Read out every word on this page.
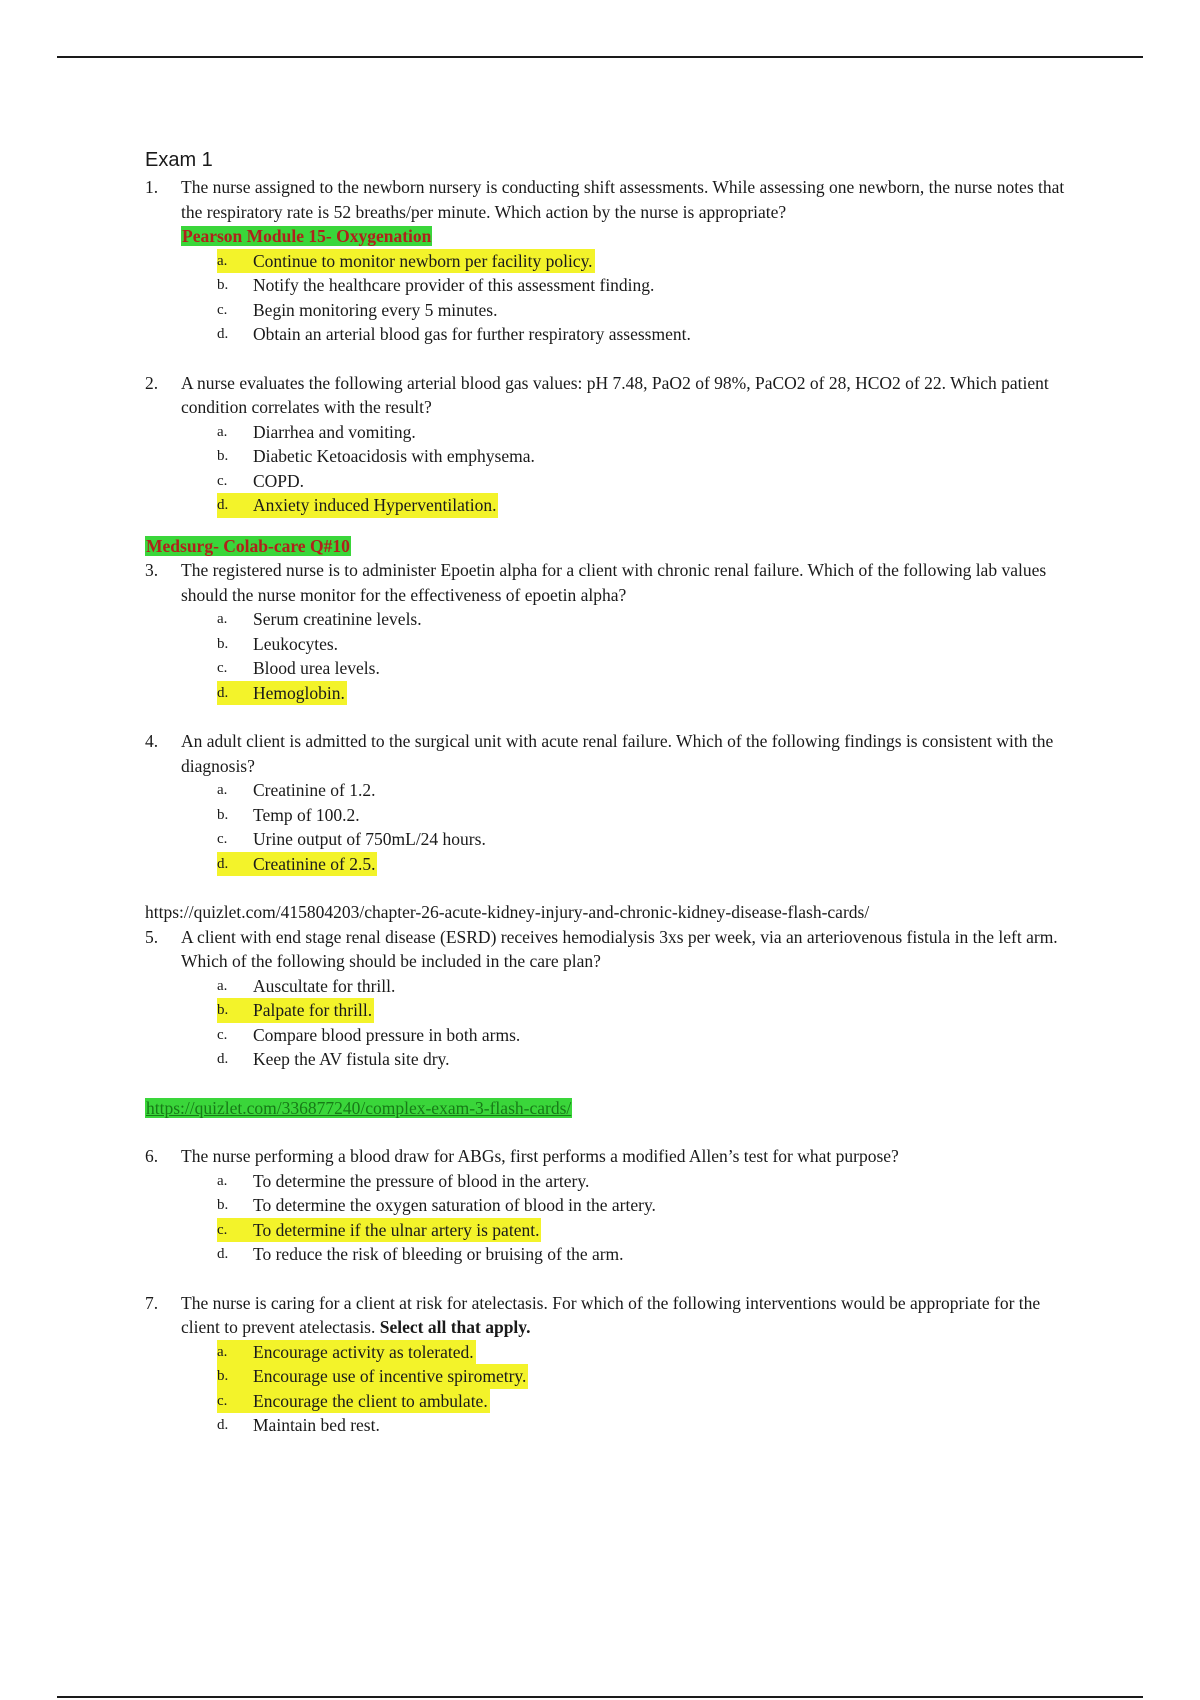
Exam 1
1.	The nurse assigned to the newborn nursery is conducting shift assessments. While assessing one newborn, the nurse notes that the respiratory rate is 52 breaths/per minute. Which action by the nurse is appropriate?
Pearson Module 15- Oxygenation
a.	Continue to monitor newborn per facility policy.
b.	Notify the healthcare provider of this assessment finding.
c.	Begin monitoring every 5 minutes.
d.	Obtain an arterial blood gas for further respiratory assessment.
2.	A nurse evaluates the following arterial blood gas values: pH 7.48, PaO2 of 98%, PaCO2 of 28, HCO2 of 22. Which patient condition correlates with the result?
a.	Diarrhea and vomiting.
b.	Diabetic Ketoacidosis with emphysema.
c.	COPD.
d.	Anxiety induced Hyperventilation.
Medsurg- Colab-care Q#10
3.	The registered nurse is to administer Epoetin alpha for a client with chronic renal failure. Which of the following lab values should the nurse monitor for the effectiveness of epoetin alpha?
a.	Serum creatinine levels.
b.	Leukocytes.
c.	Blood urea levels.
d.	Hemoglobin.
4.	An adult client is admitted to the surgical unit with acute renal failure. Which of the following findings is consistent with the diagnosis?
a.	Creatinine of 1.2.
b.	Temp of 100.2.
c.	Urine output of 750mL/24 hours.
d.	Creatinine of 2.5.
https://quizlet.com/415804203/chapter-26-acute-kidney-injury-and-chronic-kidney-disease-flash-cards/
5.	A client with end stage renal disease (ESRD) receives hemodialysis 3xs per week, via an arteriovenous fistula in the left arm. Which of the following should be included in the care plan?
a.	Auscultate for thrill.
b.	Palpate for thrill.
c.	Compare blood pressure in both arms.
d.	Keep the AV fistula site dry.
https://quizlet.com/336877240/complex-exam-3-flash-cards/
6.	The nurse performing a blood draw for ABGs, first performs a modified Allen’s test for what purpose?
a.	To determine the pressure of blood in the artery.
b.	To determine the oxygen saturation of blood in the artery.
c.	To determine if the ulnar artery is patent.
d.	To reduce the risk of bleeding or bruising of the arm.
7.	The nurse is caring for a client at risk for atelectasis. For which of the following interventions would be appropriate for the client to prevent atelectasis. Select all that apply.
a.	Encourage activity as tolerated.
b.	Encourage use of incentive spirometry.
c.	Encourage the client to ambulate.
d.	Maintain bed rest.
